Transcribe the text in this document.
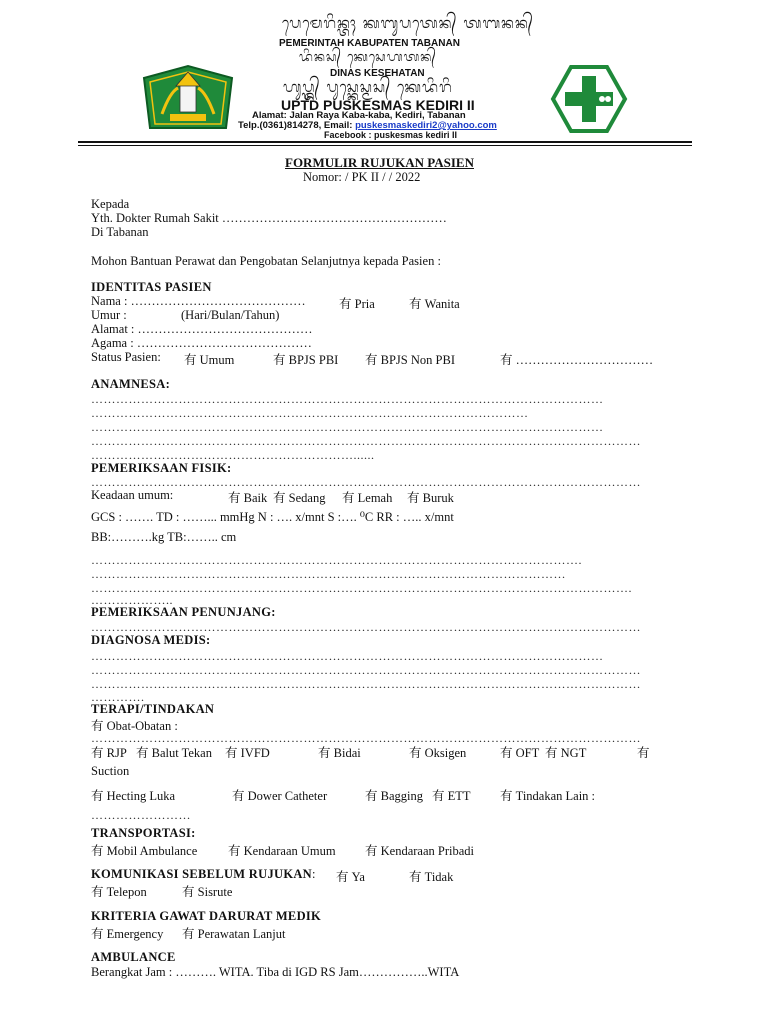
ᬧᬾᬫᬾᬭᬶᬦ᭄ᬢᬄ ᬓᬩᬸᬧᬢᬾᬦ᭄ ᬢᬩᬦᬦ᭄
PEMERINTAH KABUPATEN TABANAN
ᬤᬶᬦᬲ᭄ ᬓᬾᬲᬾᬳᬢᬦ᭄
DINAS KESEHATAN
ᬳᬸᬧ᭄ᬢ᭄ᬤ᭄ ᬧᬸᬲ᭄ᬓᬾᬲ᭄ᬫᬲ᭄ ᬓᬾᬤᬶᬭᬶ
UPTD PUSKESMAS KEDIRI II
Alamat: Jalan Raya Kaba-kaba, Kediri, Tabanan
Telp.(0361)814278, Email: puskesmaskediri2@yahoo.com
Facebook : puskesmas kediri II
FORMULIR RUJUKAN PASIEN
Nomor: / PK II / / 2022
Kepada
Yth. Dokter Rumah Sakit ………………………………………………
Di Tabanan
Mohon Bantuan Perawat dan Pengobatan Selanjutnya kepada Pasien :
IDENTITAS PASIEN
Nama : ……………………………………	有 Pria	有 Wanita
Umur :	(Hari/Bulan/Tahun)
Alamat : ……………………………………
Agama : ……………………………………
Status Pasien: 有 Umum	有 BPJS PBI 有 BPJS Non PBI	有 ……………………………
ANAMNESA:
……………………………………………………………………………………………………………
……………………………………………………………………………………………
……………………………………………………………………………………………………………
……………………………………………………………………………………………………………………
………………………………………………………......
PEMERIKSAAN FISIK:
……………………………………………………………………………………………………………………
Keadaan umum:	有 Baik 有 Sedang 有 Lemah 有 Buruk
GCS : ……. TD : ……... mmHg N : …. x/mnt S :…. ⁰C RR : ….. x/mnt
BB:……….kg TB:…….. cm
……………………………………………………………………………………………………….
……………………………………………………………………………………………………
………………………………………………………………………………………………………………….
………………..
PEMERIKSAAN PENUNJANG:
……………………………………………………………………………………………………………………
DIAGNOSA MEDIS:
……………………………………………………………………………………………………………
……………………………………………………………………………………………………………………
……………………………………………………………………………………………………………………
………….
TERAPI/TINDAKAN
有 Obat-Obatan :
……………………………………………………………………………………………………………………
有 RJP 有 Balut Tekan 有 IVFD	有 Bidai	有 Oksigen	有 OFT 有 NGT	有
Suction
有 Hecting Luka	有 Dower Catheter	有 Bagging 有 ETT 有 Tindakan Lain :
……………………
TRANSPORTASI:
有 Mobil Ambulance 有 Kendaraan Umum 有 Kendaraan Pribadi
KOMUNIKASI SEBELUM RUJUKAN: 有 Ya	有 Tidak
有 Telepon	有 Sisrute
KRITERIA GAWAT DARURAT MEDIK
有 Emergency 有 Perawatan Lanjut
AMBULANCE
Berangkat Jam : ………. WITA. Tiba di IGD RS Jam……………..WITA
